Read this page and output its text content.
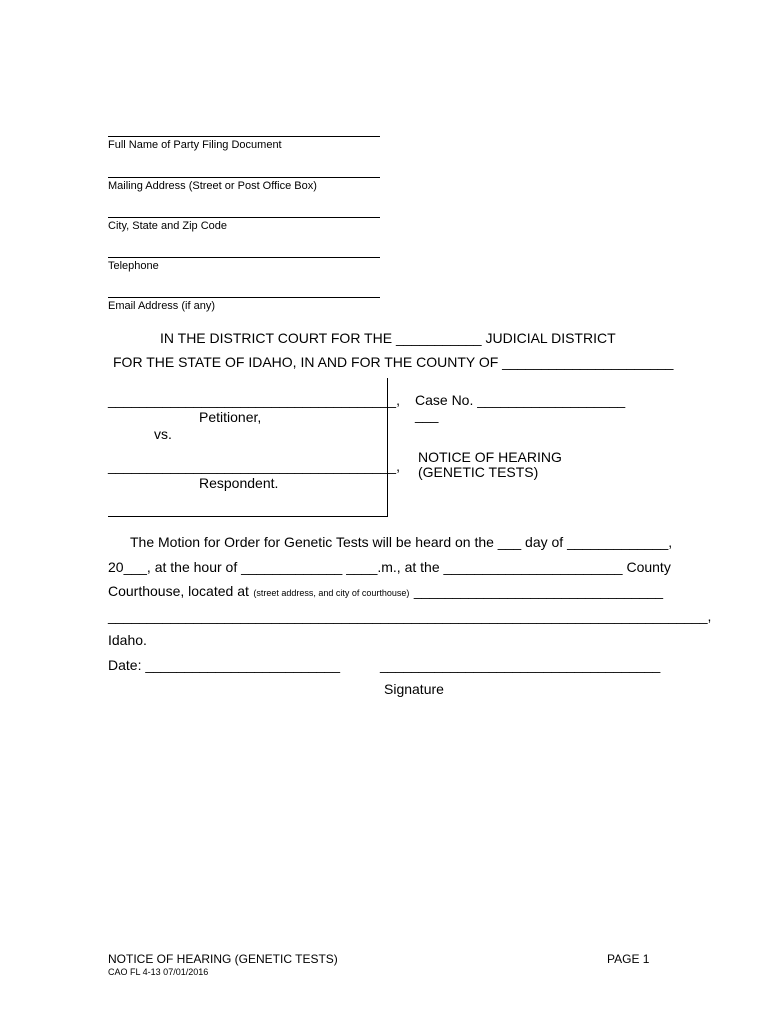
Full Name of Party Filing Document
Mailing Address (Street or Post Office Box)
City, State and Zip Code
Telephone
Email Address (if any)
IN THE DISTRICT COURT FOR THE ___________ JUDICIAL DISTRICT
FOR THE STATE OF IDAHO, IN AND FOR THE COUNTY OF ______________________
_____________________________________,
Petitioner,
vs.
_____________________________________,
Respondent.
Case No. ___________________
___
NOTICE OF HEARING
(GENETIC TESTS)
The Motion for Order for Genetic Tests will be heard on the ___ day of _____________,
20___, at the hour of _____________ ____.m., at the _______________________ County
Courthouse, located at (street address, and city of courthouse) ________________________________
_____________________________________________________________________________,
Idaho.
Date: _________________________	____________________________________
Signature
NOTICE OF HEARING (GENETIC TESTS)	PAGE 1
CAO FL 4-13 07/01/2016
